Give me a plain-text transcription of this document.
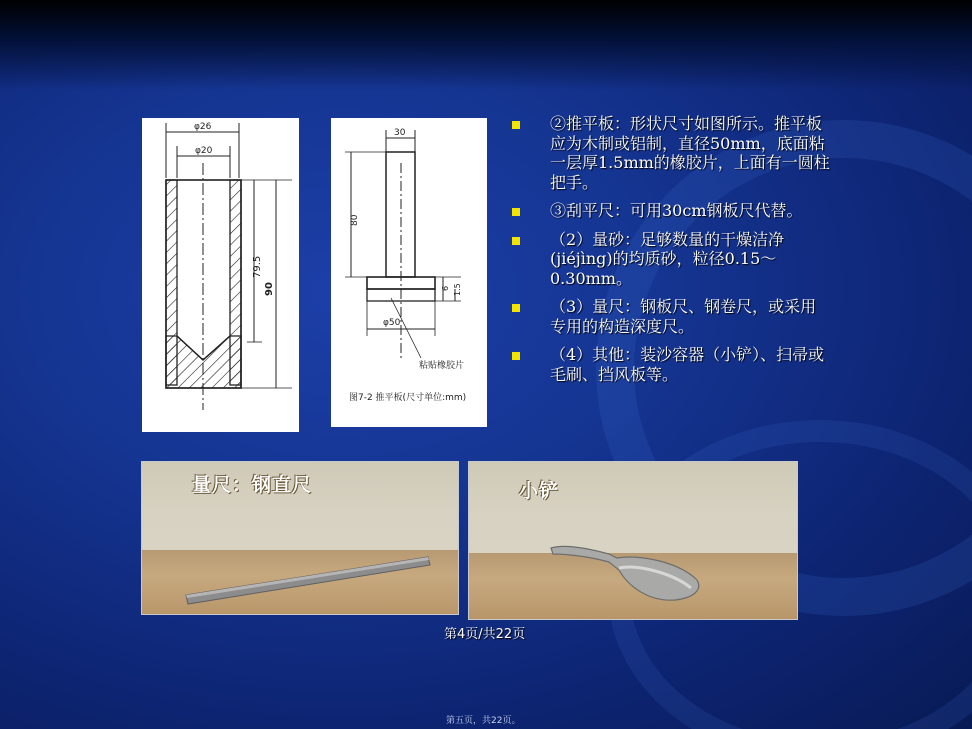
φ26
φ20
79.5
90
30
80
6 1.5
φ50
粘贴橡胶片
图7-2 推平板(尺寸单位:mm)
②推平板：形状尺寸如图所示。推平板应为木制或铝制，直径50mm，底面粘一层厚1.5mm的橡胶片，上面有一圆柱把手。
③刮平尺：可用30cm钢板尺代替。
（2）量砂：足够数量的干燥洁净(jiéjìng)的均质砂，粒径0.15～0.30mm。
（3）量尺：钢板尺、钢卷尺，或采用专用的构造深度尺。
（4）其他：装沙容器（小铲）、扫帚或毛刷、挡风板等。
量尺：钢直尺	小铲
第4页/共22页
第五页，共22页。
